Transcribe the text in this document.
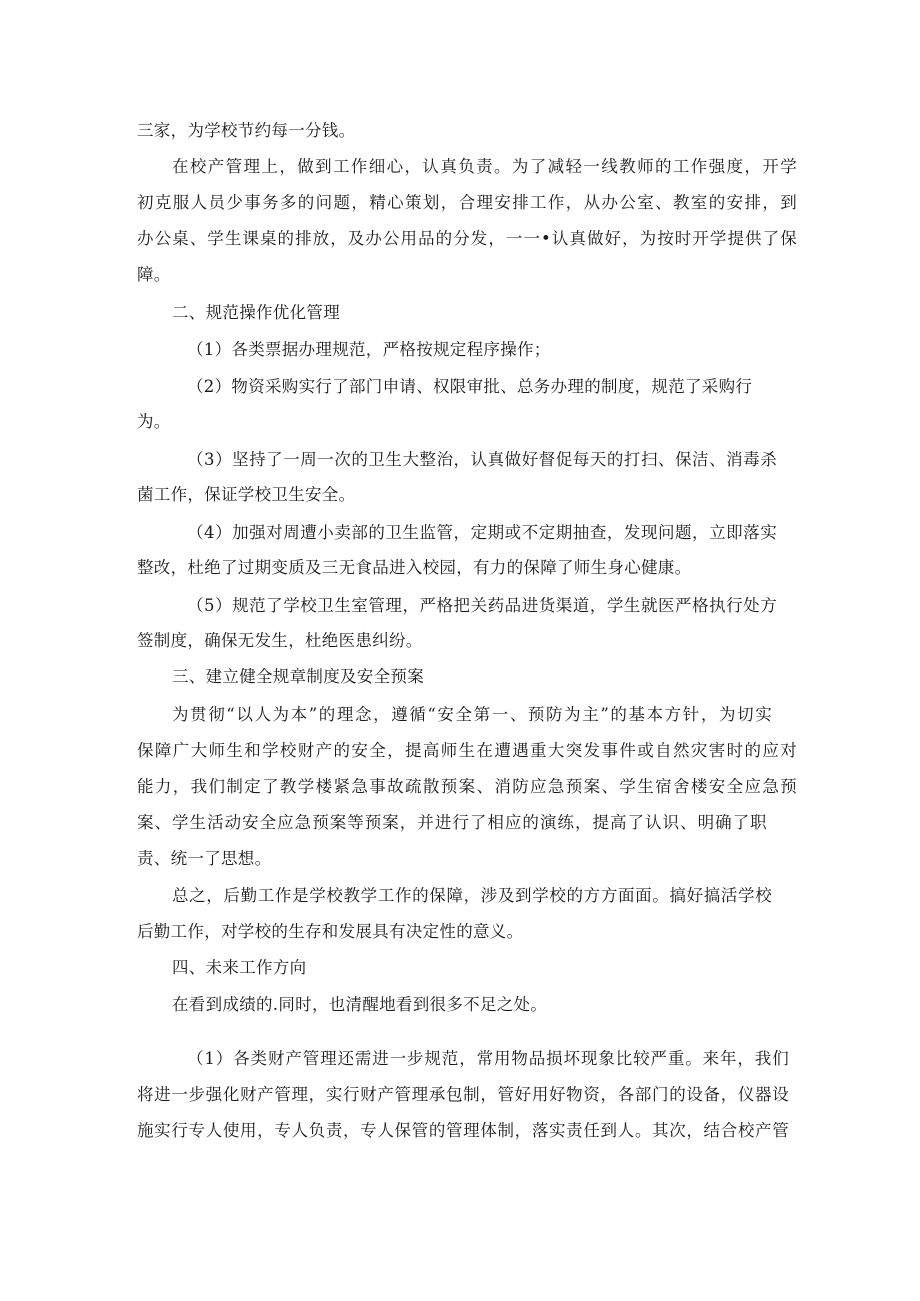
三家，为学校节约每一分钱。
在校产管理上，做到工作细心，认真负责。为了减轻一线教师的工作强度，开学
初克服人员少事务多的问题，精心策划，合理安排工作，从办公室、教室的安排，到
办公桌、学生课桌的排放，及办公用品的分发，一一•认真做好，为按时开学提供了保
障。
二、规范操作优化管理
（1）各类票据办理规范，严格按规定程序操作；
（2）物资采购实行了部门申请、权限审批、总务办理的制度，规范了采购行
为。
（3）坚持了一周一次的卫生大整治，认真做好督促每天的打扫、保洁、消毒杀
菌工作，保证学校卫生安全。
（4）加强对周遭小卖部的卫生监管，定期或不定期抽查，发现问题，立即落实
整改，杜绝了过期变质及三无食品进入校园，有力的保障了师生身心健康。
（5）规范了学校卫生室管理，严格把关药品进货渠道，学生就医严格执行处方
签制度，确保无发生，杜绝医患纠纷。
三、建立健全规章制度及安全预案
为贯彻“以人为本”的理念，遵循“安全第一、预防为主”的基本方针，为切实
保障广大师生和学校财产的安全，提高师生在遭遇重大突发事件或自然灾害时的应对
能力，我们制定了教学楼紧急事故疏散预案、消防应急预案、学生宿舍楼安全应急预
案、学生活动安全应急预案等预案，并进行了相应的演练，提高了认识、明确了职
责、统一了思想。
总之，后勤工作是学校教学工作的保障，涉及到学校的方方面面。搞好搞活学校
后勤工作，对学校的生存和发展具有决定性的意义。
四、未来工作方向
在看到成绩的.同时，也清醒地看到很多不足之处。
（1）各类财产管理还需进一步规范，常用物品损坏现象比较严重。来年，我们
将进一步强化财产管理，实行财产管理承包制，管好用好物资，各部门的设备，仪器设
施实行专人使用，专人负责，专人保管的管理体制，落实责任到人。其次，结合校产管
